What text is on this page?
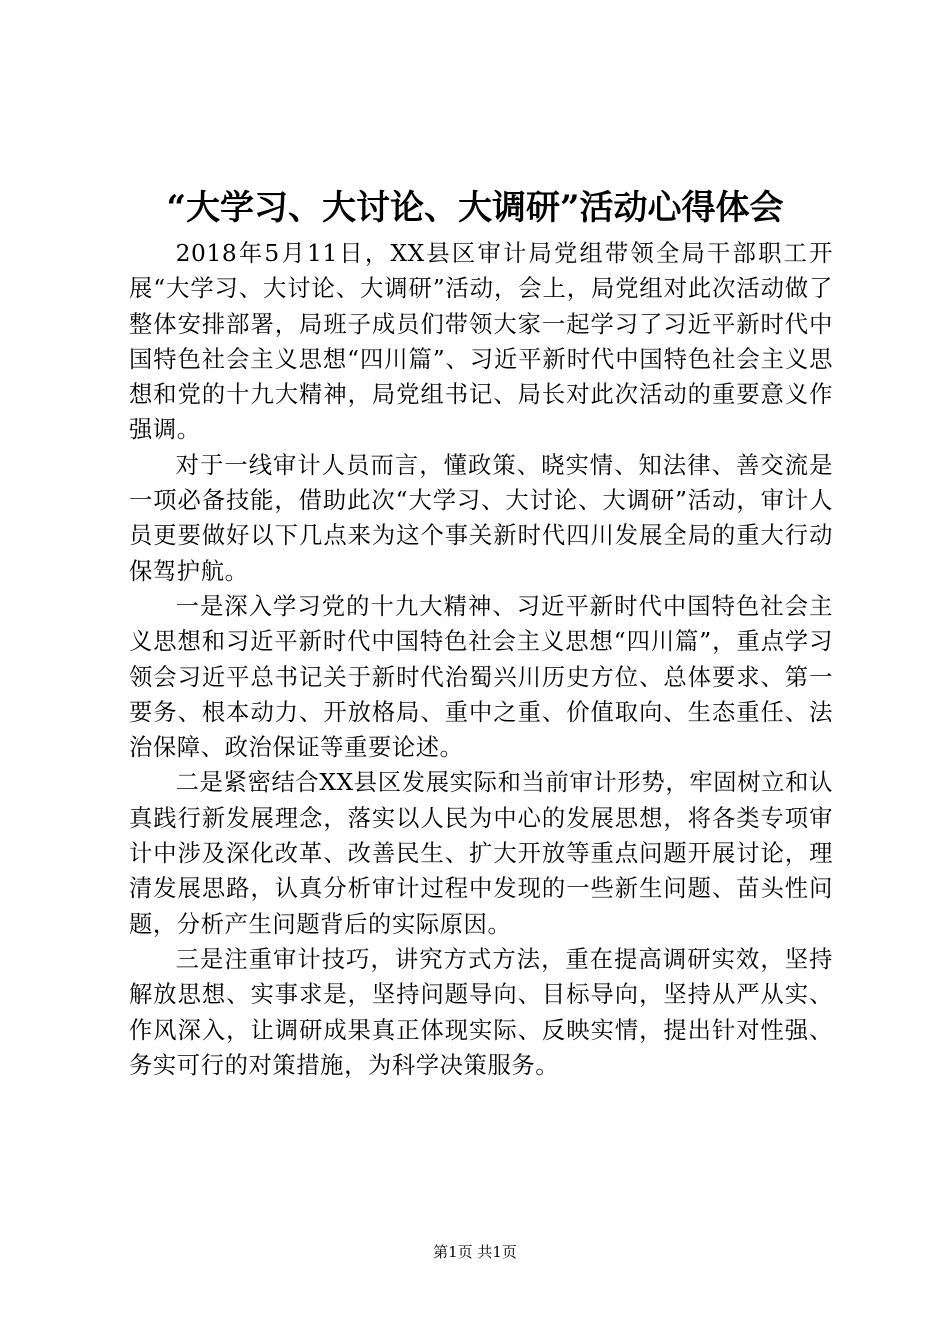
“大学习、大讨论、大调研”活动心得体会

2018年5月11日，XX县区审计局党组带领全局干部职工开展“大学习、大讨论、大调研”活动，会上，局党组对此次活动做了整体安排部署，局班子成员们带领大家一起学习了习近平新时代中国特色社会主义思想“四川篇”、习近平新时代中国特色社会主义思想和党的十九大精神，局党组书记、局长对此次活动的重要意义作强调。

对于一线审计人员而言，懂政策、晓实情、知法律、善交流是一项必备技能，借助此次“大学习、大讨论、大调研”活动，审计人员更要做好以下几点来为这个事关新时代四川发展全局的重大行动保驾护航。

一是深入学习党的十九大精神、习近平新时代中国特色社会主义思想和习近平新时代中国特色社会主义思想“四川篇”，重点学习领会习近平总书记关于新时代治蜀兴川历史方位、总体要求、第一要务、根本动力、开放格局、重中之重、价值取向、生态重任、法治保障、政治保证等重要论述。

二是紧密结合XX县区发展实际和当前审计形势，牢固树立和认真践行新发展理念，落实以人民为中心的发展思想，将各类专项审计中涉及深化改革、改善民生、扩大开放等重点问题开展讨论，理清发展思路，认真分析审计过程中发现的一些新生问题、苗头性问题，分析产生问题背后的实际原因。

三是注重审计技巧，讲究方式方法，重在提高调研实效，坚持解放思想、实事求是，坚持问题导向、目标导向，坚持从严从实、作风深入，让调研成果真正体现实际、反映实情，提出针对性强、务实可行的对策措施，为科学决策服务。

第1页 共1页
